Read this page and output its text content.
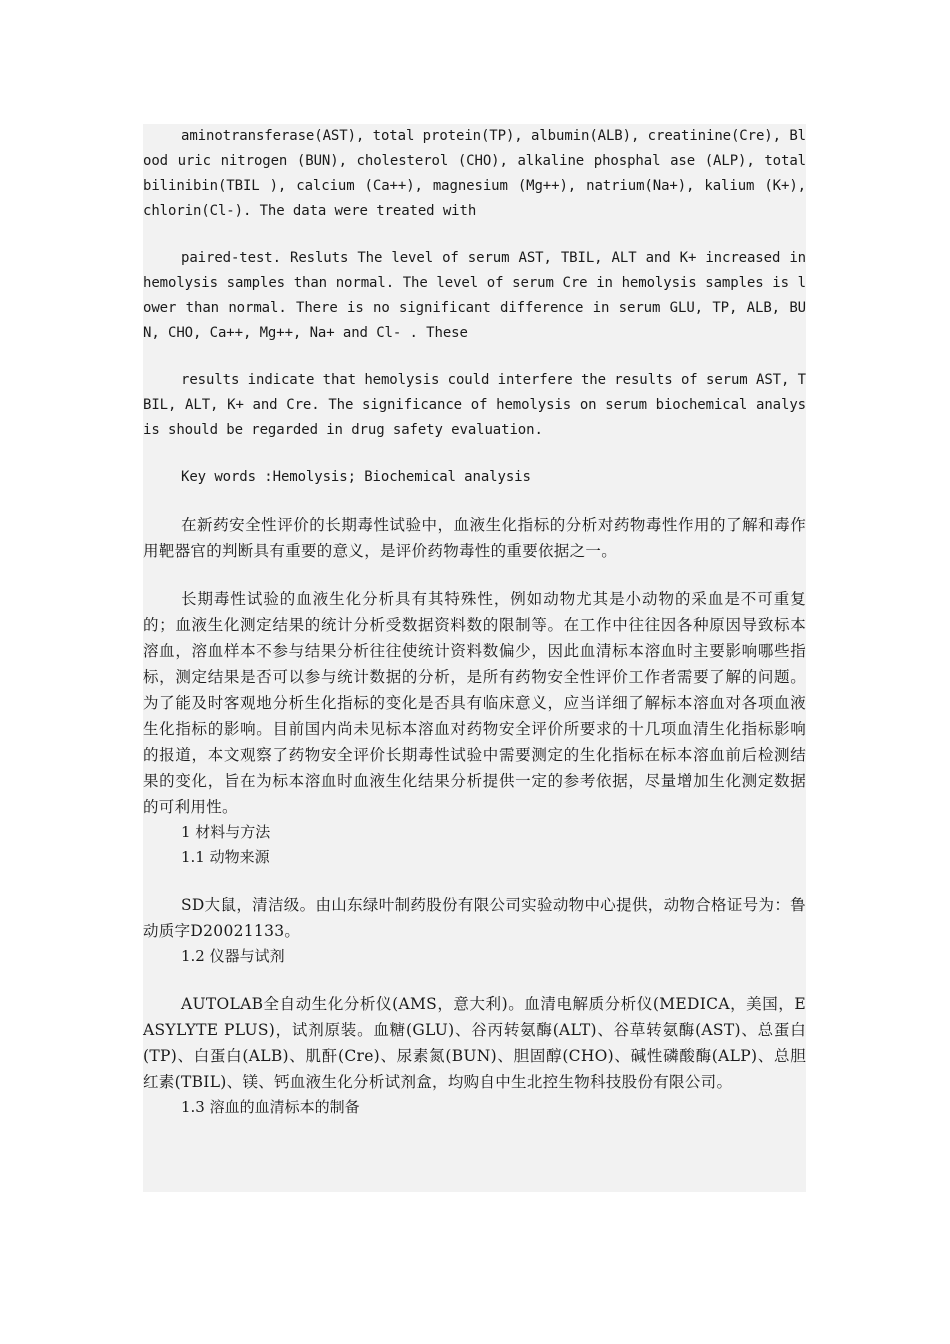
aminotransferase(AST), total protein(TP), albumin(ALB), creatinine(Cre), Blood uric nitrogen (BUN), cholesterol (CHO), alkaline phosphal ase (ALP), total bilinibin(TBIL ), calcium (Ca++), magnesium (Mg++), natrium(Na+), kalium (K+), chlorin(Cl-). The data were treated with

paired-test. Resluts The level of serum AST, TBIL, ALT and K+ increased in hemolysis samples than normal. The level of serum Cre in hemolysis samples is lower than normal. There is no significant difference in serum GLU, TP, ALB, BUN, CHO, Ca++, Mg++, Na+ and Cl- . These

results indicate that hemolysis could interfere the results of serum AST, TBIL, ALT, K+ and Cre. The significance of hemolysis on serum biochemical analysis should be regarded in drug safety evaluation.

Key words :Hemolysis; Biochemical analysis

在新药安全性评价的长期毒性试验中，血液生化指标的分析对药物毒性作用的了解和毒作用靶器官的判断具有重要的意义，是评价药物毒性的重要依据之一。

长期毒性试验的血液生化分析具有其特殊性，例如动物尤其是小动物的采血是不可重复的；血液生化测定结果的统计分析受数据资料数的限制等。在工作中往往因各种原因导致标本溶血，溶血样本不参与结果分析往往使统计资料数偏少，因此血清标本溶血时主要影响哪些指标，测定结果是否可以参与统计数据的分析，是所有药物安全性评价工作者需要了解的问题。为了能及时客观地分析生化指标的变化是否具有临床意义，应当详细了解标本溶血对各项血液生化指标的影响。目前国内尚未见标本溶血对药物安全评价所要求的十几项血清生化指标影响的报道，本文观察了药物安全评价长期毒性试验中需要测定的生化指标在标本溶血前后检测结果的变化，旨在为标本溶血时血液生化结果分析提供一定的参考依据，尽量增加生化测定数据的可利用性。

1 材料与方法

1.1 动物来源

SD大鼠，清洁级。由山东绿叶制药股份有限公司实验动物中心提供，动物合格证号为：鲁动质字D20021133。

1.2 仪器与试剂

AUTOLAB全自动生化分析仪(AMS，意大利)。血清电解质分析仪(MEDICA，美国，EASYLYTE PLUS)，试剂原装。血糖(GLU)、谷丙转氨酶(ALT)、谷草转氨酶(AST)、总蛋白(TP)、白蛋白(ALB)、肌酐(Cre)、尿素氮(BUN)、胆固醇(CHO)、碱性磷酸酶(ALP)、总胆红素(TBIL)、镁、钙血液生化分析试剂盒，均购自中生北控生物科技股份有限公司。

1.3 溶血的血清标本的制备
